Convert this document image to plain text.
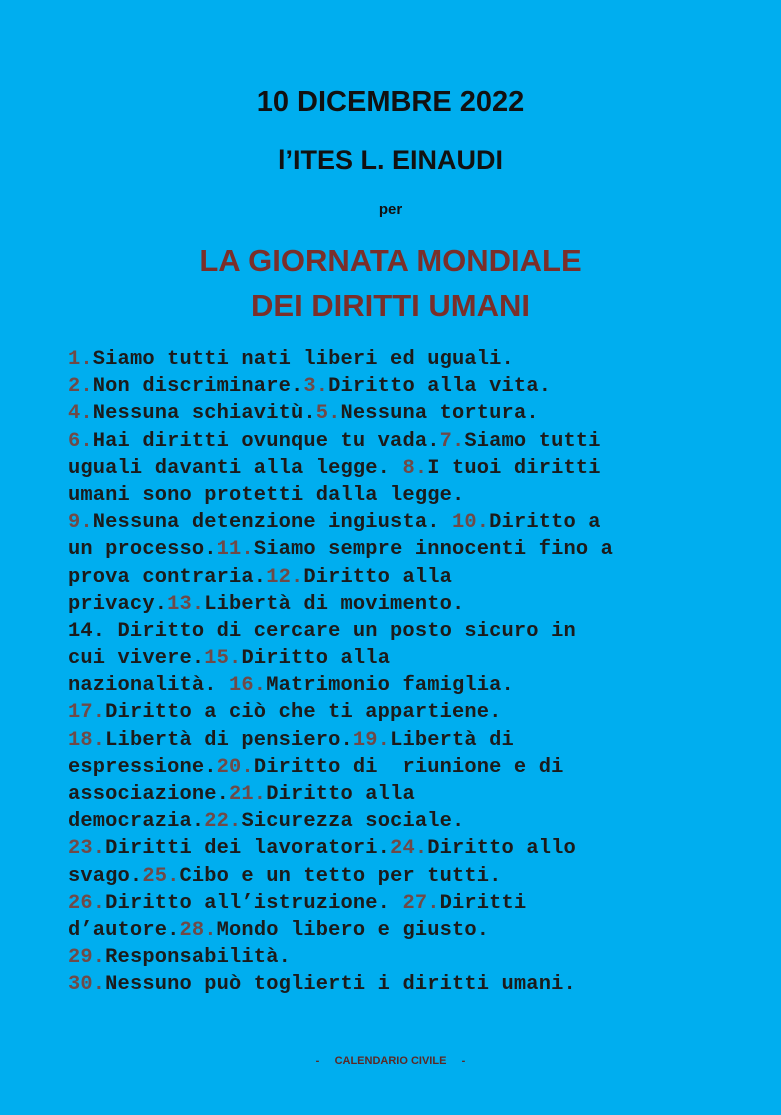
10 DICEMBRE 2022
l’ITES L. EINAUDI
per
LA GIORNATA MONDIALE
DEI DIRITTI UMANI
1.Siamo tutti nati liberi ed uguali.
2.Non discriminare.3.Diritto alla vita.
4.Nessuna schiavitù.5.Nessuna tortura.
6.Hai diritti ovunque tu vada.7.Siamo tutti
uguali davanti alla legge. 8.I tuoi diritti
umani sono protetti dalla legge.
9.Nessuna detenzione ingiusta. 10.Diritto a
un processo.11.Siamo sempre innocenti fino a
prova contraria.12.Diritto alla
privacy.13.Libertà di movimento.
14. Diritto di cercare un posto sicuro in
cui vivere.15.Diritto alla
nazionalità. 16.Matrimonio famiglia.
17.Diritto a ciò che ti appartiene.
18.Libertà di pensiero.19.Libertà di
espressione.20.Diritto di  riunione e di
associazione.21.Diritto alla
democrazia.22.Sicurezza sociale.
23.Diritti dei lavoratori.24.Diritto allo
svago.25.Cibo e un tetto per tutti.
26.Diritto all’istruzione. 27.Diritti
d’autore.28.Mondo libero e giusto.
29.Responsabilità.
30.Nessuno può toglierti i diritti umani.
-     CALENDARIO CIVILE     -
